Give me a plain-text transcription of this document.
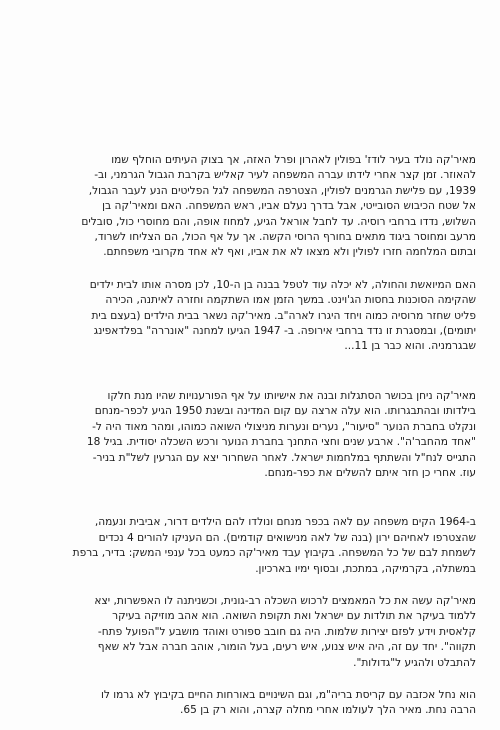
מאיר'קה נולד בעיר לודז' בפולין לאהרון ופרל האזה, אך בצוק העיתים הוחלף שמו
להאוזר. זמן קצר אחרי לידתו עברה המשפחה לעיר קאליש בקרבת הגבול הגרמני, וב-
1939, עם פלישת הגרמנים לפולין, הצטרפה המשפחה לגל הפליטים הנע לעבר הגבול,
אל שטח הכיבוש הסובייטי, אבל בדרך נעלם אביו, ראש המשפחה. האם ומאיר'קה בן
השלוש, נדדו ברחבי רוסיה. עד לחבל אוראל הגיע, למחוז אופה, והם מחוסרי כול, סובלים
מרעב ומחוסר ביגוד מתאים בחורף הרוסי הקשה. אך על אף הכול, הם הצליחו לשרוד,
ובתום המלחמה חזרו לפולין ולא מצאו לא את אביו, ואף לא אחד מקרובי משפחתם.

האם המיואשת והחולה, לא יכלה עוד לטפל בבנה בן ה-10, לכן מסרה אותו לבית ילדים
שהקימה הסוכנות בחסות הג'וינט. במשך הזמן אמו השתקמה וחזרה לאיתנה, הכירה
פליט שחזר מרוסיה כמוה ויחד היגרו לארה"ב. מאיר'קה נשאר בבית הילדים (בעצם בית
יתומים), ובמסגרת זו נדד ברחבי אירופה. ב- 1947 הגיעו למחנה "אונררה" בפלדאפינג
שבגרמניה. והוא כבר בן 11...

מאיר'קה ניחן בכושר הסתגלות ובנה את אישיותו על אף הפורענויות שהיו מנת חלקו
בילדותו ובהתבגרותו. הוא עלה ארצה עם קום המדינה ובשנת 1950 הגיע לכפר-מנחם
ונקלט בחברת הנוער "סיעור", נערים ונערות מניצולי השואה כמוהו, ומהר מאוד היה ל-
"אחד מהחבר'ה". ארבע שנים וחצי התחנך בחברת הנוער ורכש השכלה יסודית. בגיל 18
התגייס לנח"ל והשתתף במלחמות ישראל. לאחר השחרור יצא עם הגרעין לשל"ת בניר-
עוז. אחרי כן חזר איתם להשלים את כפר-מנחם.

ב-1964 הקים משפחה עם לאה בכפר מנחם ונולדו להם הילדים דרור, אביבית ונעמה,
שהצטרפו לאחיהם ירון (בנה של לאה מנישואים קודמים). הם העניקו להורים 4 נכדים
לשמחת לבם של כל המשפחה. בקיבוץ עבד מאיר'קה כמעט בכל ענפי המשק: בדיר, ברפת
במשתלה, בקרמיקה, במתכת, ובסוף ימיו בארכיון.

מאיר'קה עשה את כל המאמצים לרכוש השכלה רב-גונית, וכשניתנה לו האפשרות, יצא
ללמוד בעיקר את תולדות עם ישראל ואת תקופת השואה. הוא אהב מוזיקה בעיקר
קלאסית וידע לפזם יצירות שלמות. היה גם חובב ספורט ואוהד מושבע ל"הפועל פתח-
תקווה". יחד עם זה, היה איש צנוע, איש רעים, בעל הומור, אוהב חברה אבל לא שאף
להתבלט ולהגיע ל"גדולות".

הוא נחל אכזבה עם קריסת בריה"מ, וגם השינויים באורחות החיים בקיבוץ לא גרמו לו
הרבה נחת. מאיר הלך לעולמו אחרי מחלה קצרה, והוא רק בן 65.
